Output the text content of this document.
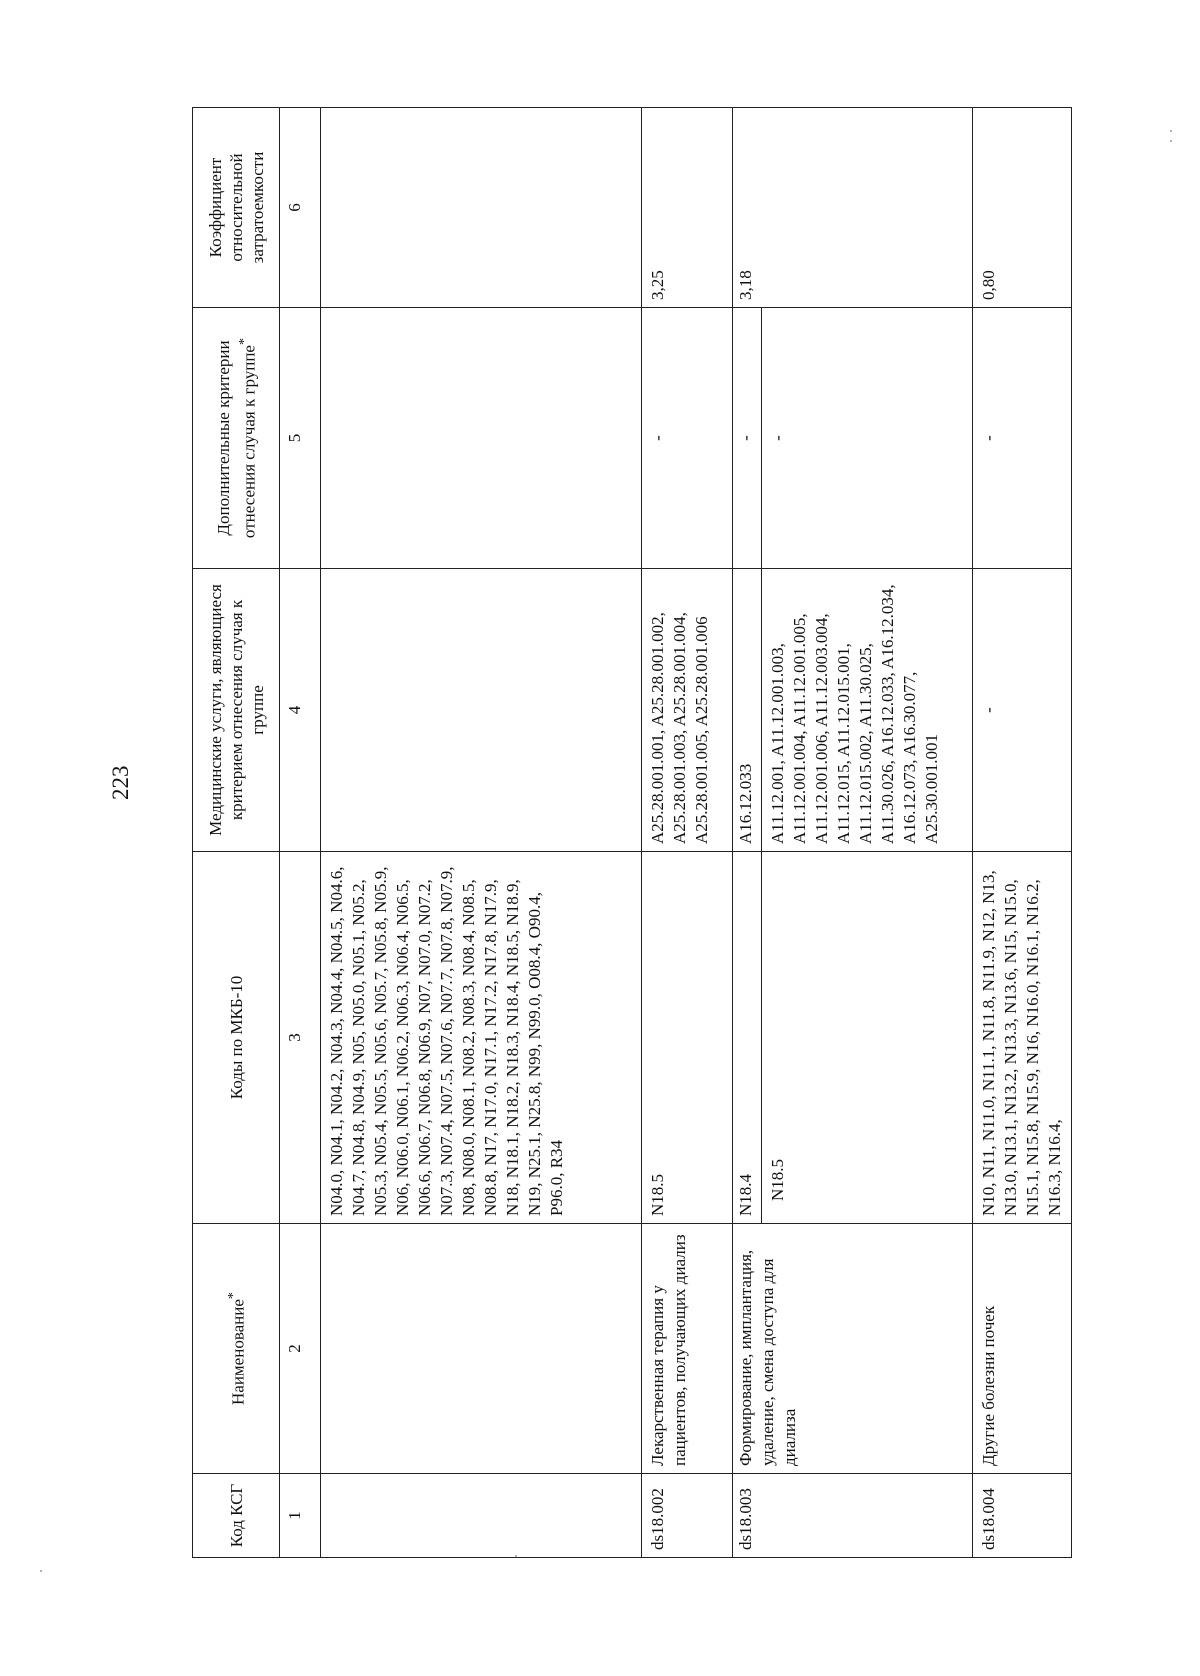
223
Код КСГ	Наименование*	Коды по МКБ-10	Медицинские услуги, являющиеся критерием отнесения случая к группе	Дополнительные критерии отнесения случая к группе*	Коэффициент относительной затратоемкости
1	2	3	4	5	6
		N04.0, N04.1, N04.2, N04.3, N04.4, N04.5, N04.6, N04.7, N04.8, N04.9, N05, N05.0, N05.1, N05.2, N05.3, N05.4, N05.5, N05.6, N05.7, N05.8, N05.9, N06, N06.0, N06.1, N06.2, N06.3, N06.4, N06.5, N06.6, N06.7, N06.8, N06.9, N07, N07.0, N07.2, N07.3, N07.4, N07.5, N07.6, N07.7, N07.8, N07.9, N08, N08.0, N08.1, N08.2, N08.3, N08.4, N08.5, N08.8, N17, N17.0, N17.1, N17.2, N17.8, N17.9, N18, N18.1, N18.2, N18.3, N18.4, N18.5, N18.9, N19, N25.1, N25.8, N99, N99.0, O08.4, O90.4, P96.0, R34			
ds18.002	Лекарственная терапия у пациентов, получающих диализ	N18.5	A25.28.001.001, A25.28.001.002, A25.28.001.003, A25.28.001.004, A25.28.001.005, A25.28.001.006	-	3,25
ds18.003	Формирование, имплантация, удаление, смена доступа для диализа	N18.4	A16.12.033	-	3,18
		N18.5	A11.12.001, A11.12.001.003, A11.12.001.004, A11.12.001.005, A11.12.001.006, A11.12.003.004, A11.12.015, A11.12.015.001, A11.12.015.002, A11.30.025, A11.30.026, A16.12.033, A16.12.034, A16.12.073, A16.30.077, A25.30.001.001	-	
ds18.004	Другие болезни почек	N10, N11, N11.0, N11.1, N11.8, N11.9, N12, N13, N13.0, N13.1, N13.2, N13.3, N13.6, N15, N15.0, N15.1, N15.8, N15.9, N16, N16.0, N16.1, N16.2, N16.3, N16.4,	-	-	0,80
